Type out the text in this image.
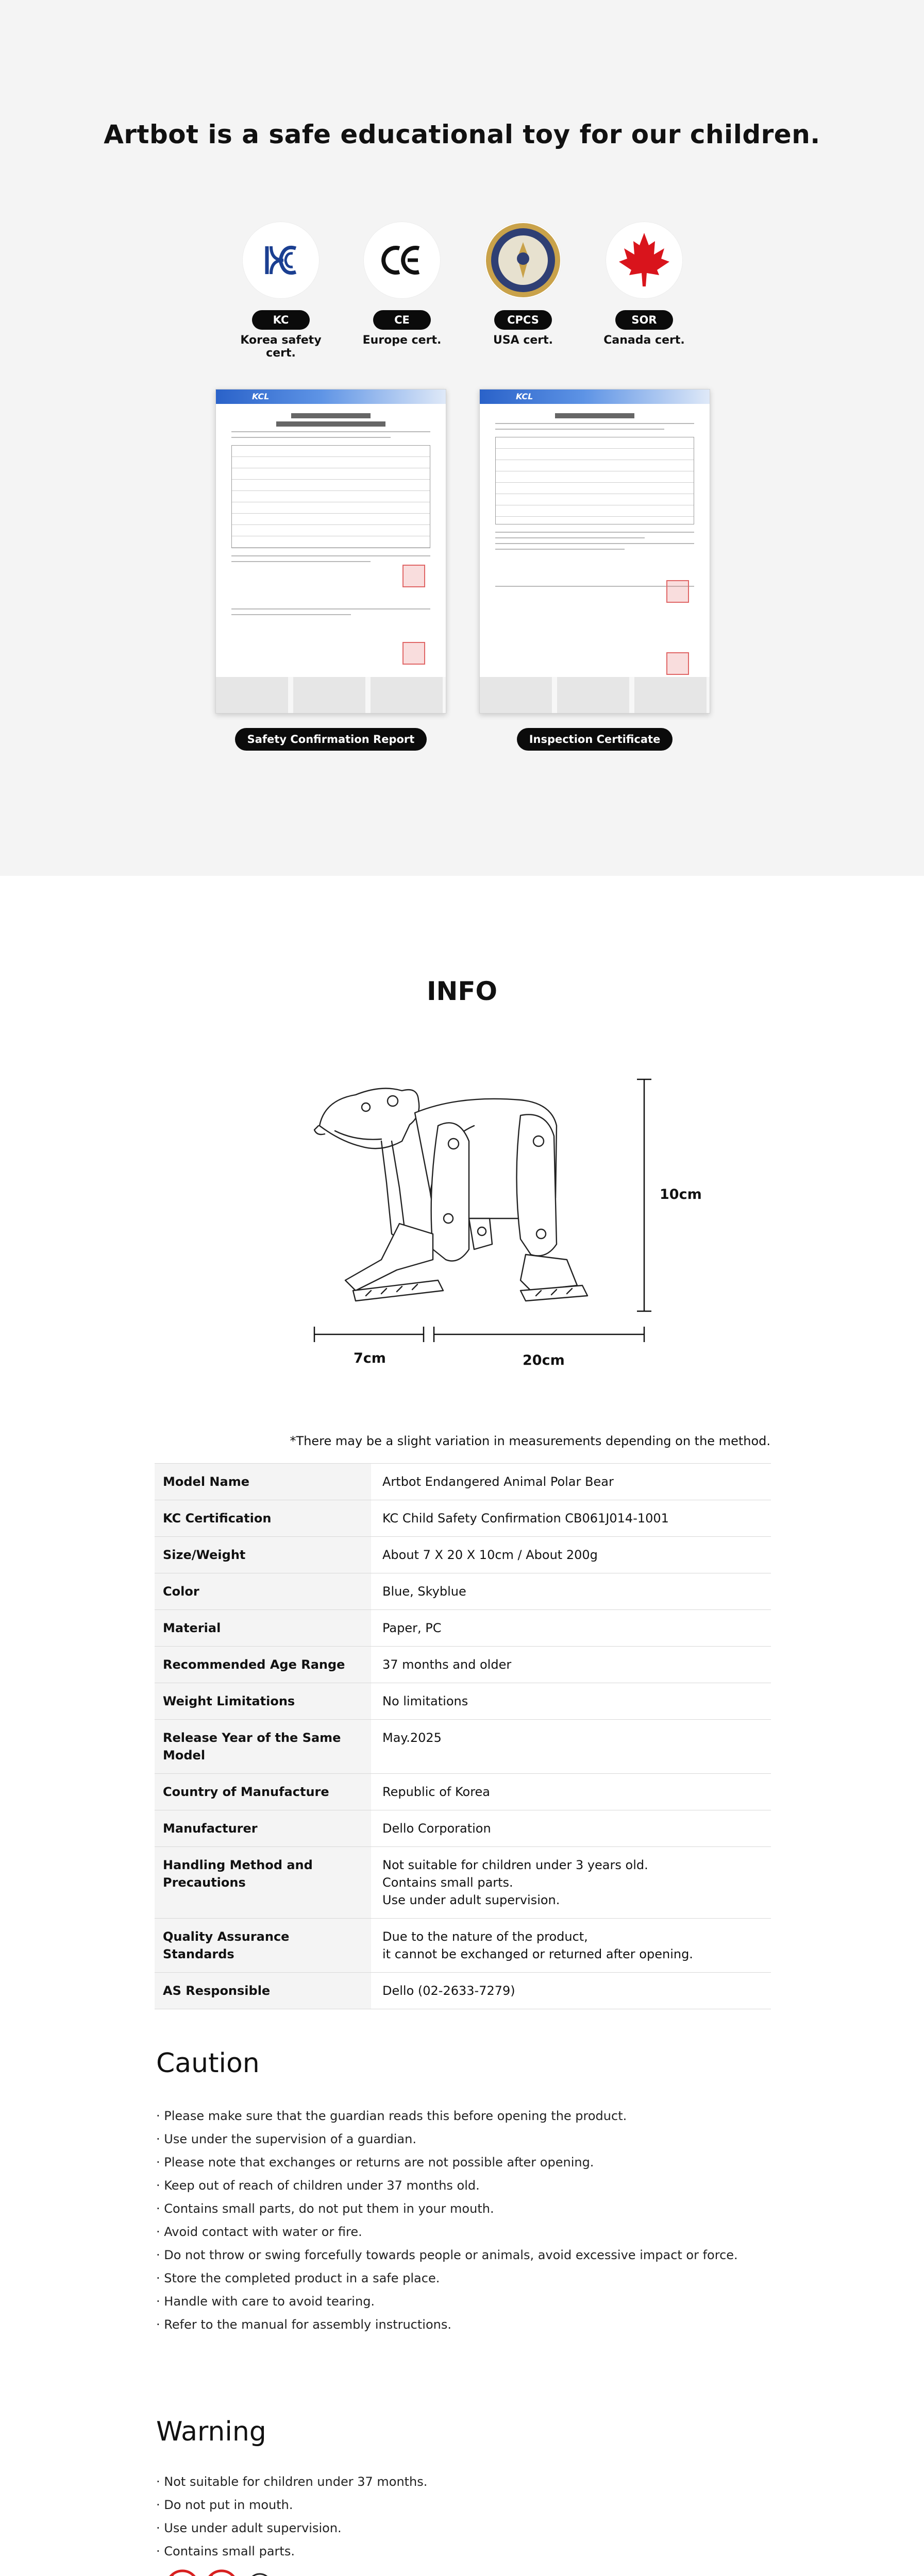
Artbot is a safe educational toy for our children.
KC
Korea safety cert.
CE
Europe cert.
CPCS
USA cert.
SOR
Canada cert.
KCL
Safety Confirmation Report
KCL
Inspection Certificate
INFO
10cm
7cm	20cm
*There may be a slight variation in measurements depending on the method.
Model Name	Artbot Endangered Animal Polar Bear

KC Certification	KC Child Safety Confirmation CB061J014-1001

Size/Weight	About 7 X 20 X 10cm / About 200g

Color	Blue, Skyblue

Material	Paper, PC

Recommended Age Range	37 months and older

Weight Limitations	No limitations

Release Year of the Same Model	May.2025

Country of Manufacture	Republic of Korea

Manufacturer	Dello Corporation

Handling Method and Precautions	Not suitable for children under 3 years old.
Contains small parts.
Use under adult supervision.

Quality Assurance Standards	Due to the nature of the product,
it cannot be exchanged or returned after opening.

AS Responsible	Dello (02-2633-7279)
Caution
· Please make sure that the guardian reads this before opening the product.
· Use under the supervision of a guardian.
· Please note that exchanges or returns are not possible after opening.
· Keep out of reach of children under 37 months old.
· Contains small parts, do not put them in your mouth.
· Avoid contact with water or fire.
· Do not throw or swing forcefully towards people or animals, avoid excessive impact or force.
· Store the completed product in a safe place.
· Handle with care to avoid tearing.
· Refer to the manual for assembly instructions.
Warning
· Not suitable for children under 37 months.
· Do not put in mouth.
· Use under adult supervision.
· Contains small parts.
